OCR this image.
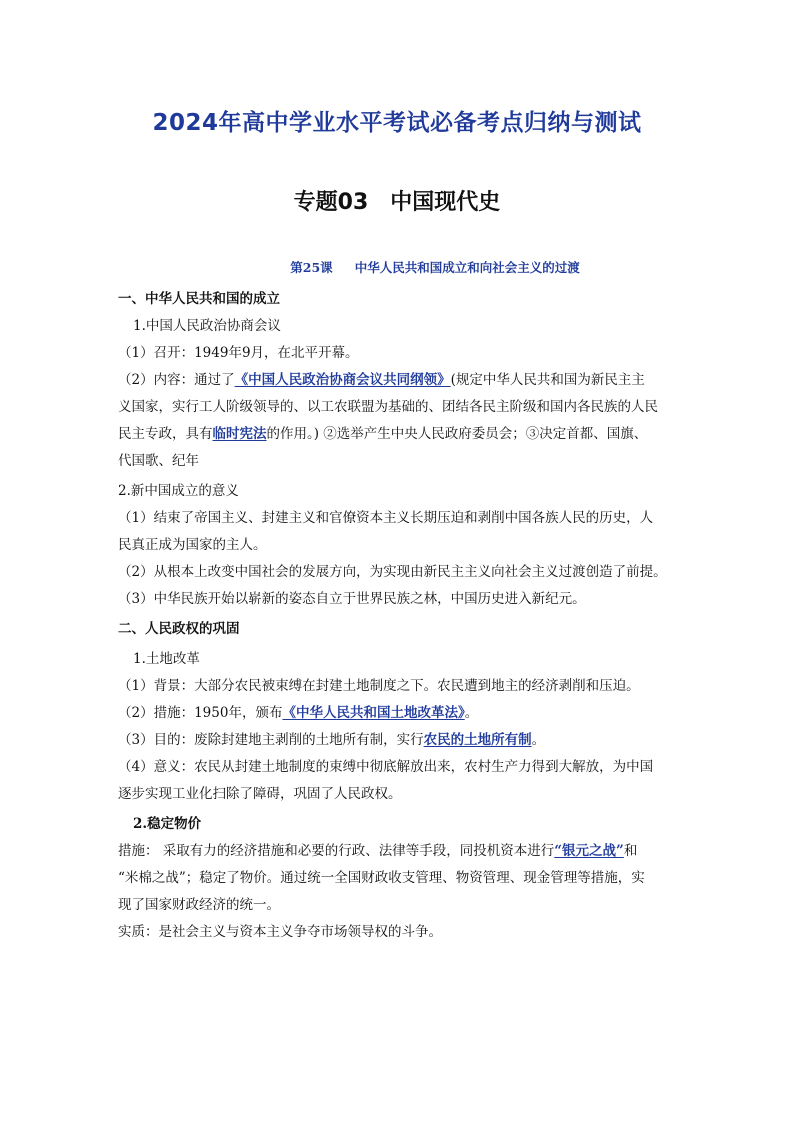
2024年高中学业水平考试必备考点归纳与测试
专题03 中国现代史
第25课 中华人民共和国成立和向社会主义的过渡
一、中华人民共和国的成立
1.中国人民政治协商会议
（1）召开：1949年9月，在北平开幕。
（2）内容：通过了《中国人民政治协商会议共同纲领》(规定中华人民共和国为新民主主
义国家，实行工人阶级领导的、以工农联盟为基础的、团结各民主阶级和国内各民族的人民
民主专政，具有临时宪法的作用。) ②选举产生中央人民政府委员会；③决定首都、国旗、
代国歌、纪年
2.新中国成立的意义
（1）结束了帝国主义、封建主义和官僚资本主义长期压迫和剥削中国各族人民的历史，人
民真正成为国家的主人。
（2）从根本上改变中国社会的发展方向，为实现由新民主主义向社会主义过渡创造了前提。
（3）中华民族开始以崭新的姿态自立于世界民族之林，中国历史进入新纪元。
二、人民政权的巩固
1.土地改革
（1）背景：大部分农民被束缚在封建土地制度之下。农民遭到地主的经济剥削和压迫。
（2）措施：1950年，颁布《中华人民共和国土地改革法》。
（3）目的：废除封建地主剥削的土地所有制，实行农民的土地所有制。
（4）意义：农民从封建土地制度的束缚中彻底解放出来，农村生产力得到大解放，为中国
逐步实现工业化扫除了障碍，巩固了人民政权。
2.稳定物价
措施： 采取有力的经济措施和必要的行政、法律等手段，同投机资本进行“银元之战”和
“米棉之战”；稳定了物价。通过统一全国财政收支管理、物资管理、现金管理等措施，实
现了国家财政经济的统一。
实质：是社会主义与资本主义争夺市场领导权的斗争。
